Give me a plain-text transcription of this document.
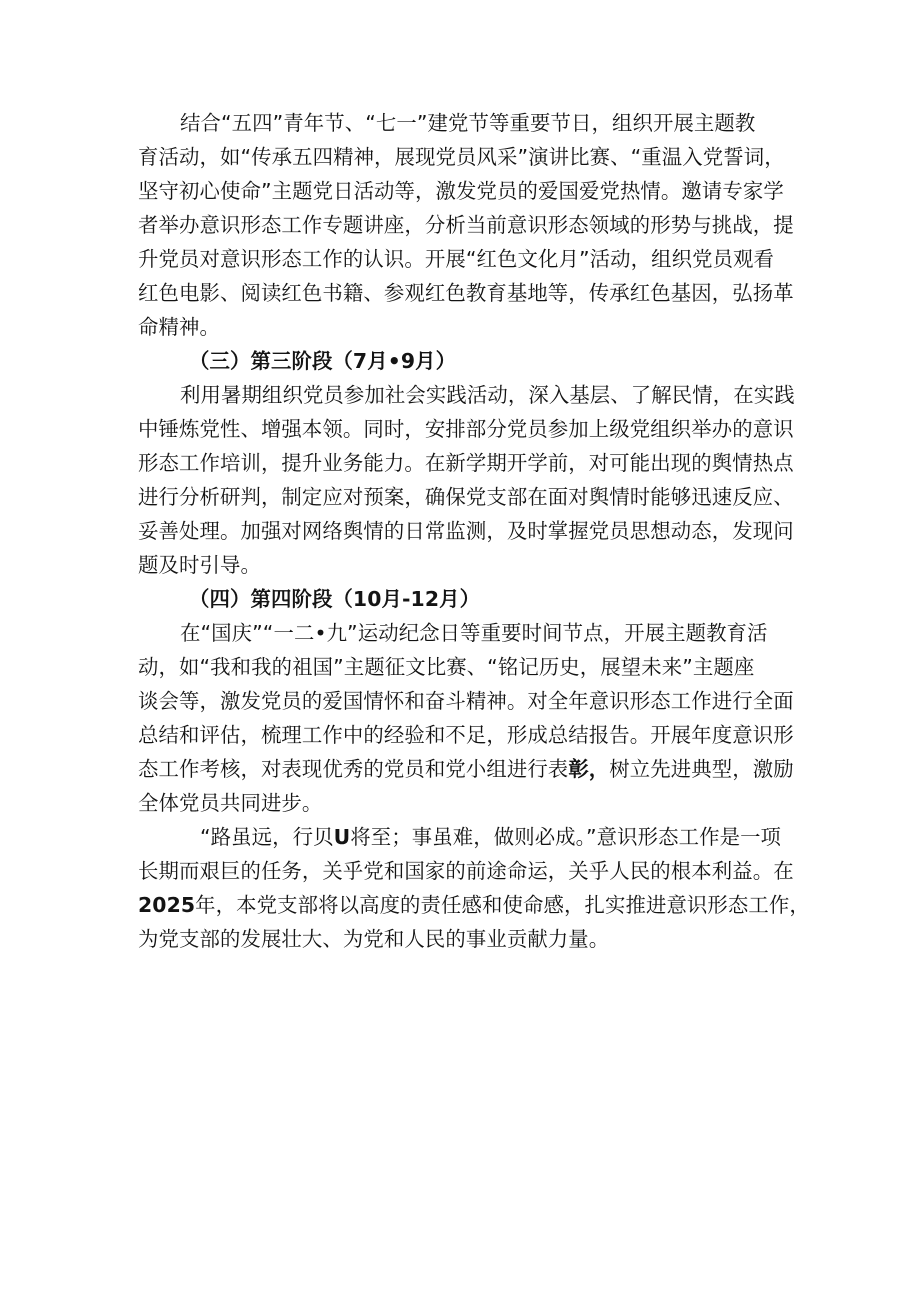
结合“五四”青年节、“七一”建党节等重要节日，组织开展主题教
育活动，如“传承五四精神，展现党员风采”演讲比赛、“重温入党誓词，
坚守初心使命”主题党日活动等，激发党员的爱国爱党热情。邀请专家学
者举办意识形态工作专题讲座，分析当前意识形态领域的形势与挑战，提
升党员对意识形态工作的认识。开展“红色文化月”活动，组织党员观看
红色电影、阅读红色书籍、参观红色教育基地等，传承红色基因，弘扬革
命精神。
（三）第三阶段（7月•9月）
利用暑期组织党员参加社会实践活动，深入基层、了解民情，在实践
中锤炼党性、增强本领。同时，安排部分党员参加上级党组织举办的意识
形态工作培训，提升业务能力。在新学期开学前，对可能出现的舆情热点
进行分析研判，制定应对预案，确保党支部在面对舆情时能够迅速反应、
妥善处理。加强对网络舆情的日常监测，及时掌握党员思想动态，发现问
题及时引导。
（四）第四阶段（10月-12月）
在“国庆”“一二•九”运动纪念日等重要时间节点，开展主题教育活
动，如“我和我的祖国”主题征文比赛、“铭记历史，展望未来”主题座
谈会等，激发党员的爱国情怀和奋斗精神。对全年意识形态工作进行全面
总结和评估，梳理工作中的经验和不足，形成总结报告。开展年度意识形
态工作考核，对表现优秀的党员和党小组进行表彰，树立先进典型，激励
全体党员共同进步。
“路虽远，行贝U将至；事虽难，做则必成。”意识形态工作是一项
长期而艰巨的任务，关乎党和国家的前途命运，关乎人民的根本利益。在
2025年，本党支部将以高度的责任感和使命感，扎实推进意识形态工作，
为党支部的发展壮大、为党和人民的事业贡献力量。
